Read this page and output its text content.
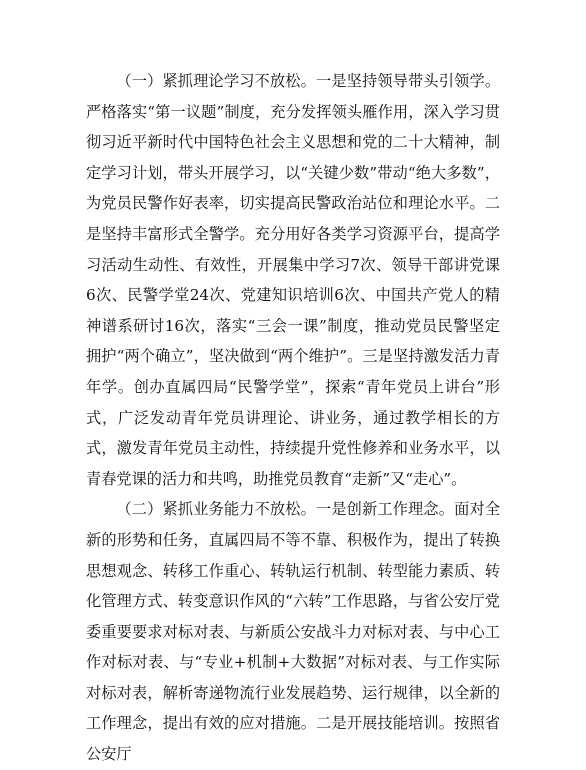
（一）紧抓理论学习不放松。一是坚持领导带头引领学。严格落实“第一议题”制度，充分发挥领头雁作用，深入学习贯彻习近平新时代中国特色社会主义思想和党的二十大精神，制定学习计划，带头开展学习，以“关键少数”带动“绝大多数”，为党员民警作好表率，切实提高民警政治站位和理论水平。二是坚持丰富形式全警学。充分用好各类学习资源平台，提高学习活动生动性、有效性，开展集中学习7次、领导干部讲党课6次、民警学堂24次、党建知识培训6次、中国共产党人的精神谱系研讨16次，落实“三会一课”制度，推动党员民警坚定拥护“两个确立”，坚决做到“两个维护”。三是坚持激发活力青年学。创办直属四局“民警学堂”，探索“青年党员上讲台”形式，广泛发动青年党员讲理论、讲业务，通过教学相长的方式，激发青年党员主动性，持续提升党性修养和业务水平，以青春党课的活力和共鸣，助推党员教育“走新”又“走心”。

（二）紧抓业务能力不放松。一是创新工作理念。面对全新的形势和任务，直属四局不等不靠、积极作为，提出了转换思想观念、转移工作重心、转轨运行机制、转型能力素质、转化管理方式、转变意识作风的“六转”工作思路，与省公安厅党委重要要求对标对表、与新质公安战斗力对标对表、与中心工作对标对表、与“专业+机制+大数据”对标对表、与工作实际对标对表，解析寄递物流行业发展趋势、运行规律，以全新的工作理念，提出有效的应对措施。二是开展技能培训。按照省公安厅
